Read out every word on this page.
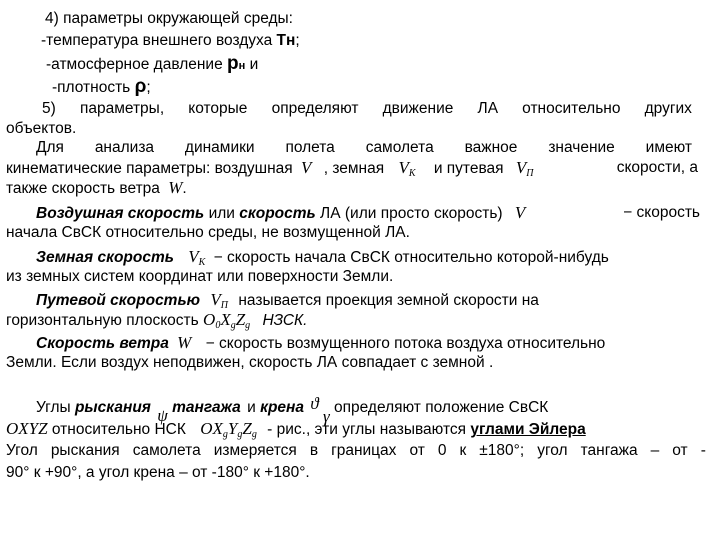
4) параметры окружающей среды:
-температура внешнего воздуха Тн;
-атмосферное давление рн и
-плотность ρ;
5) параметры, которые определяют движение ЛА относительно других
объектов.
Для анализа динамики полета самолета важное значение имеют
кинематические параметры: воздушная V , земная $V_K$ и путевая $V_П$	скорости, а
также скорость ветра W.
Воздушная скорость или скорость ЛА (или просто скорость) V	− скорость
начала СвСК относительно среды, не возмущенной ЛА.
Земная скорость $V_K$ − скорость начала СвСК относительно которой-нибудь
из земных систем координат или поверхности Земли.
Путевой скоростью $V_П$ называется проекция земной скорости на
горизонтальную плоскость $O_0X_gZ_g$ НЗСК.
Скорость ветра W − скорость возмущенного потока воздуха относительно
Земли. Если воздух неподвижен, скорость ЛА совпадает с земной .
Углы рыскания ψ тангажа и крена ϑ γ определяют положение СвСК
OXYZ относительно НСК $OX_gY_gZ_g$ - рис., эти углы называются углами Эйлера
Угол рыскания самолета измеряется в границах от 0 к ±180°; угол тангажа – от -
90° к +90°, а угол крена – от -180° к +180°.
